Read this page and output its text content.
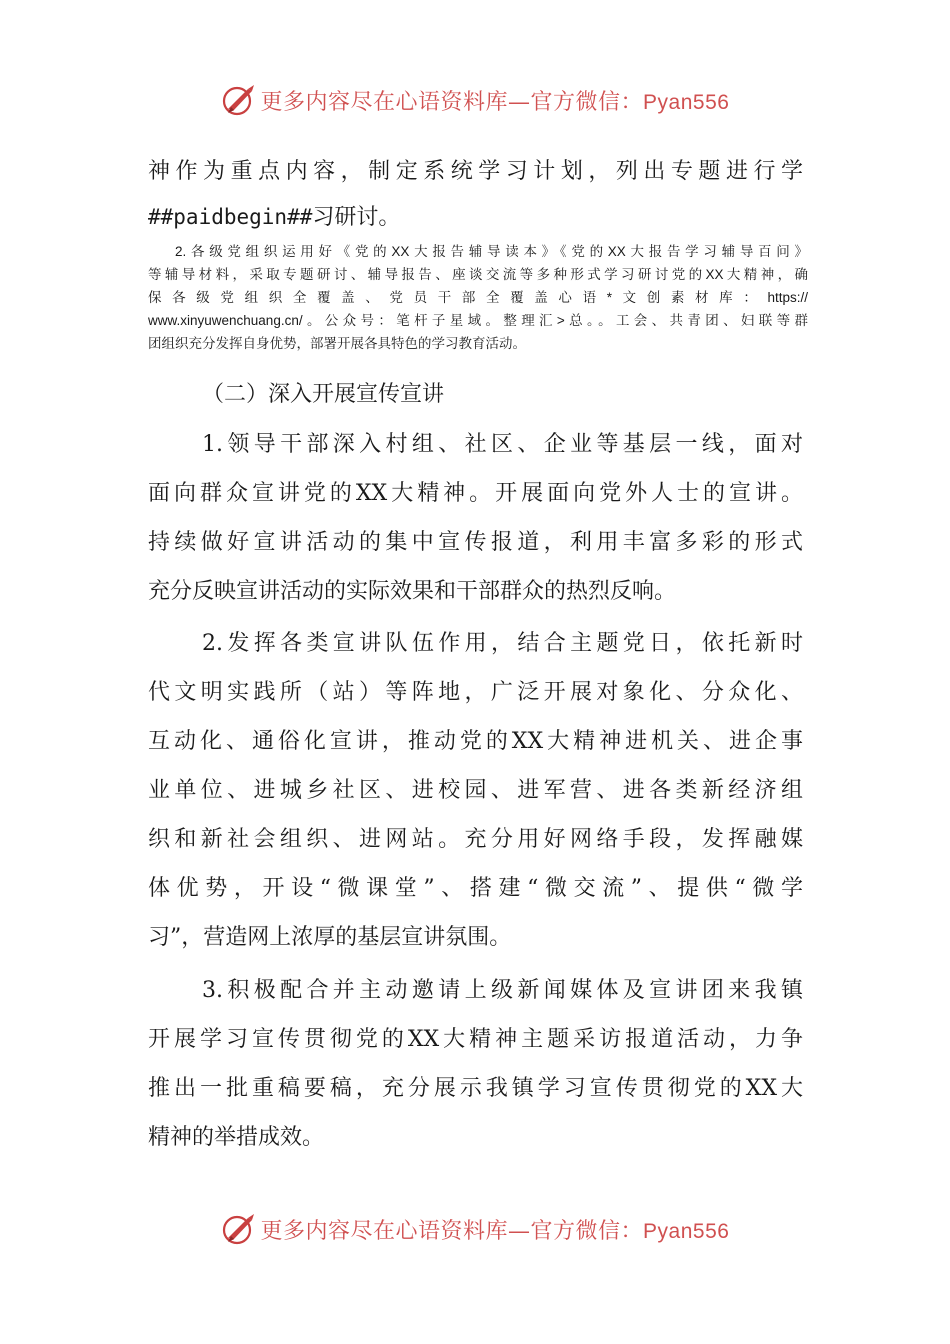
更多内容尽在心语资料库—官方微信：Pyan556
神作为重点内容，制定系统学习计划，列出专题进行学
##paidbegin##习研讨。
2.各级党组织运用好《党的XX大报告辅导读本》《党的XX大报告学习辅导百问》
等辅导材料，采取专题研讨、辅导报告、座谈交流等多种形式学习研讨党的XX大精神，确
保各级党组织全覆盖、党员干部全覆盖心语*文创素材库：https://
www.xinyuwenchuang.cn/。公众号：笔杆子星域。整理汇>总。。工会、共青团、妇联等群
团组织充分发挥自身优势，部署开展各具特色的学习教育活动。
（二）深入开展宣传宣讲
1.领导干部深入村组、社区、企业等基层一线，面对
面向群众宣讲党的XX大精神。开展面向党外人士的宣讲。
持续做好宣讲活动的集中宣传报道，利用丰富多彩的形式
充分反映宣讲活动的实际效果和干部群众的热烈反响。
2.发挥各类宣讲队伍作用，结合主题党日，依托新时
代文明实践所（站）等阵地，广泛开展对象化、分众化、
互动化、通俗化宣讲，推动党的XX大精神进机关、进企事
业单位、进城乡社区、进校园、进军营、进各类新经济组
织和新社会组织、进网站。充分用好网络手段，发挥融媒
体优势，开设“微课堂”、搭建“微交流”、提供“微学
习”，营造网上浓厚的基层宣讲氛围。
3.积极配合并主动邀请上级新闻媒体及宣讲团来我镇
开展学习宣传贯彻党的XX大精神主题采访报道活动，力争
推出一批重稿要稿，充分展示我镇学习宣传贯彻党的XX大
精神的举措成效。
更多内容尽在心语资料库—官方微信：Pyan556
